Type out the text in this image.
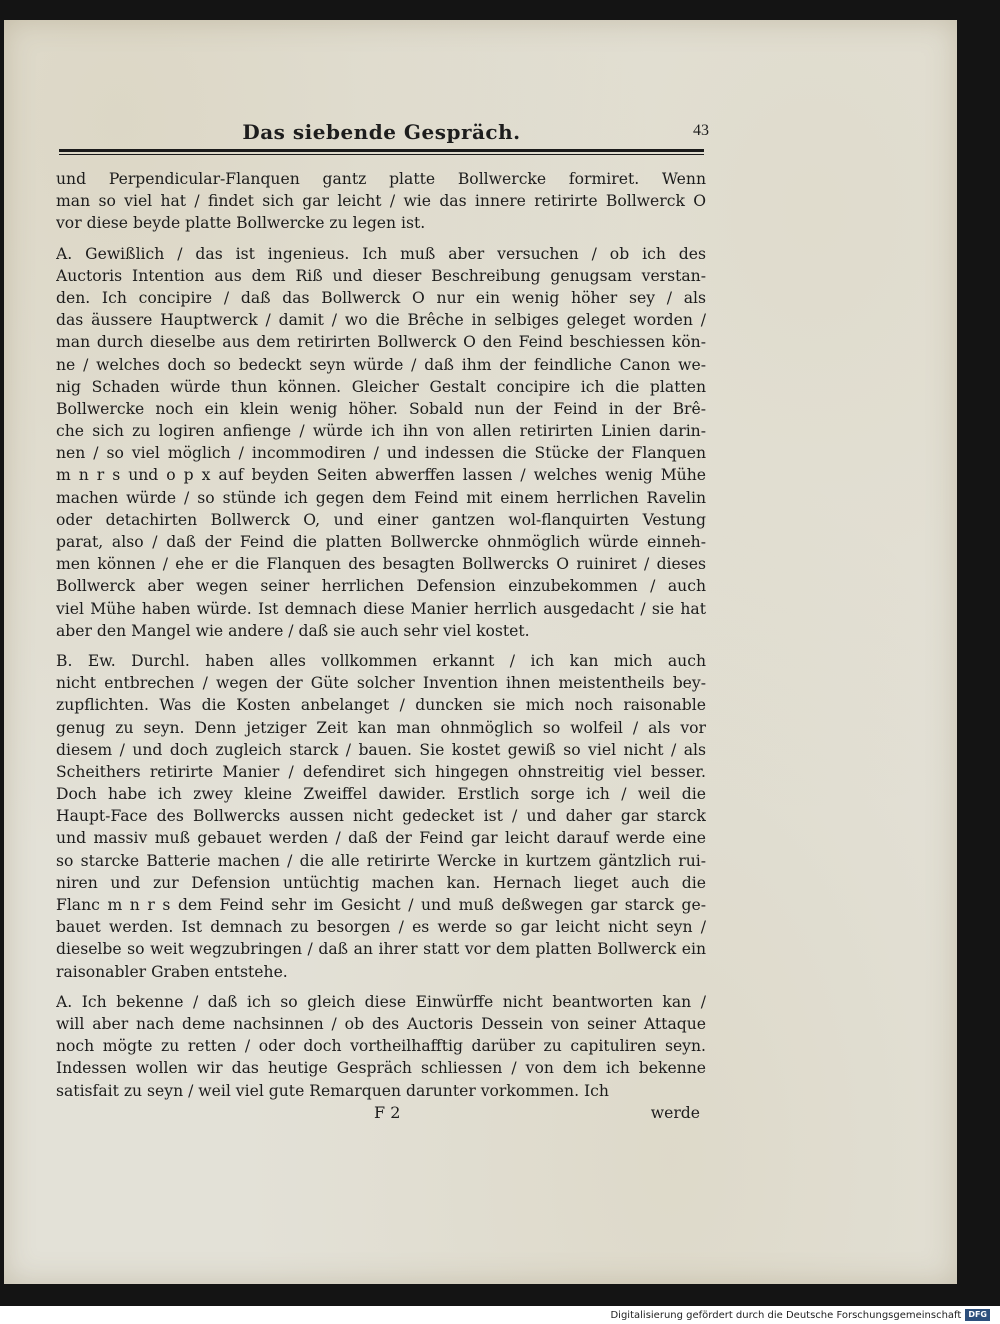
Das siebende Gespräch.	43
und Perpendicular-Flanquen gantz platte Bollwercke formiret. Wenn
man so viel hat / findet sich gar leicht / wie das innere retirirte Bollwerck O
vor diese beyde platte Bollwercke zu legen ist.
A. Gewißlich / das ist ingenieus. Ich muß aber versuchen / ob ich des
Auctoris Intention aus dem Riß und dieser Beschreibung genugsam verstan-
den. Ich concipire / daß das Bollwerck O nur ein wenig höher sey / als
das äussere Hauptwerck / damit / wo die Brêche in selbiges geleget worden /
man durch dieselbe aus dem retirirten Bollwerck O den Feind beschiessen kön-
ne / welches doch so bedeckt seyn würde / daß ihm der feindliche Canon we-
nig Schaden würde thun können. Gleicher Gestalt concipire ich die platten
Bollwercke noch ein klein wenig höher. Sobald nun der Feind in der Brê-
che sich zu logiren anfienge / würde ich ihn von allen retirirten Linien darin-
nen / so viel möglich / incommodiren / und indessen die Stücke der Flanquen
m n r s und o p x auf beyden Seiten abwerffen lassen / welches wenig Mühe
machen würde / so stünde ich gegen dem Feind mit einem herrlichen Ravelin
oder detachirten Bollwerck O, und einer gantzen wol-flanquirten Vestung
parat, also / daß der Feind die platten Bollwercke ohnmöglich würde einneh-
men können / ehe er die Flanquen des besagten Bollwercks O ruiniret / dieses
Bollwerck aber wegen seiner herrlichen Defension einzubekommen / auch
viel Mühe haben würde. Ist demnach diese Manier herrlich ausgedacht / sie hat
aber den Mangel wie andere / daß sie auch sehr viel kostet.
B. Ew. Durchl. haben alles vollkommen erkannt / ich kan mich auch
nicht entbrechen / wegen der Güte solcher Invention ihnen meistentheils bey-
zupflichten. Was die Kosten anbelanget / duncken sie mich noch raisonable
genug zu seyn. Denn jetziger Zeit kan man ohnmöglich so wolfeil / als vor
diesem / und doch zugleich starck / bauen. Sie kostet gewiß so viel nicht / als
Scheithers retirirte Manier / defendiret sich hingegen ohnstreitig viel besser.
Doch habe ich zwey kleine Zweiffel dawider. Erstlich sorge ich / weil die
Haupt-Face des Bollwercks aussen nicht gedecket ist / und daher gar starck
und massiv muß gebauet werden / daß der Feind gar leicht darauf werde eine
so starcke Batterie machen / die alle retirirte Wercke in kurtzem gäntzlich rui-
niren und zur Defension untüchtig machen kan. Hernach lieget auch die
Flanc m n r s dem Feind sehr im Gesicht / und muß deßwegen gar starck ge-
bauet werden. Ist demnach zu besorgen / es werde so gar leicht nicht seyn /
dieselbe so weit wegzubringen / daß an ihrer statt vor dem platten Bollwerck ein
raisonabler Graben entstehe.
A. Ich bekenne / daß ich so gleich diese Einwürffe nicht beantworten kan /
will aber nach deme nachsinnen / ob des Auctoris Dessein von seiner Attaque
noch mögte zu retten / oder doch vortheilhafftig darüber zu capituliren seyn.
Indessen wollen wir das heutige Gespräch schliessen / von dem ich bekenne
satisfait zu seyn / weil viel gute Remarquen darunter vorkommen. Ich
F 2	werde
Digitalisierung gefördert durch die Deutsche Forschungsgemeinschaft DFG
